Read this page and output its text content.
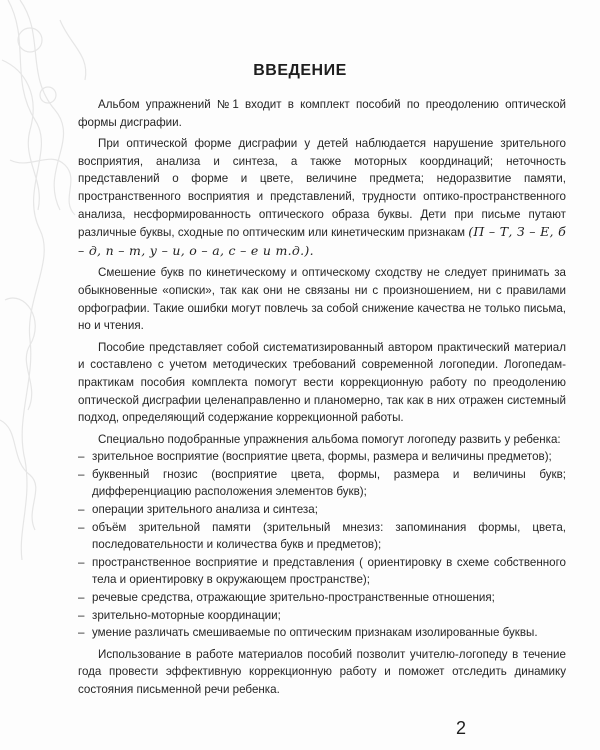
ВВЕДЕНИЕ

Альбом упражнений №1 входит в комплект пособий по преодолению оптической формы дисграфии.

При оптической форме дисграфии у детей наблюдается нарушение зрительного восприятия, анализа и синтеза, а также моторных координаций; неточность представлений о форме и цвете, величине предмета; недоразвитие памяти, пространственного восприятия и представлений, трудности оптико-пространственного анализа, несформированность оптического образа буквы. Дети при письме путают различные буквы, сходные по оптическим или кинетическим признакам (П – Т, З – Е, б – д, п – т, у – и, о – а, с – е и т.д.).

Смешение букв по кинетическому и оптическому сходству не следует принимать за обыкновенные «описки», так как они не связаны ни с произношением, ни с правилами орфографии. Такие ошибки могут повлечь за собой снижение качества не только письма, но и чтения.

Пособие представляет собой систематизированный автором практический материал и составлено с учетом методических требований современной логопедии. Логопедам-практикам пособия комплекта помогут вести коррекционную работу по преодолению оптической дисграфии целенаправленно и планомерно, так как в них отражен системный подход, определяющий содержание коррекционной работы.

Специально подобранные упражнения альбома помогут логопеду развить у ребенка:

– зрительное восприятие (восприятие цвета, формы, размера и величины предметов);

– буквенный гнозис (восприятие цвета, формы, размера и величины букв; дифференциацию расположения элементов букв);

– операции зрительного анализа и синтеза;

– объём зрительной памяти (зрительный мнезиз: запоминания формы, цвета, последовательности и количества букв и предметов);

– пространственное восприятие и представления ( ориентировку в схеме собственного тела и ориентировку в окружающем пространстве);

– речевые средства, отражающие зрительно-пространственные отношения;

– зрительно-моторные координации;

– умение различать смешиваемые по оптическим признакам изолированные буквы.

Использование в работе материалов пособий позволит учителю-логопеду в течение года провести эффективную коррекционную работу и поможет отследить динамику состояния письменной речи ребенка.

2
